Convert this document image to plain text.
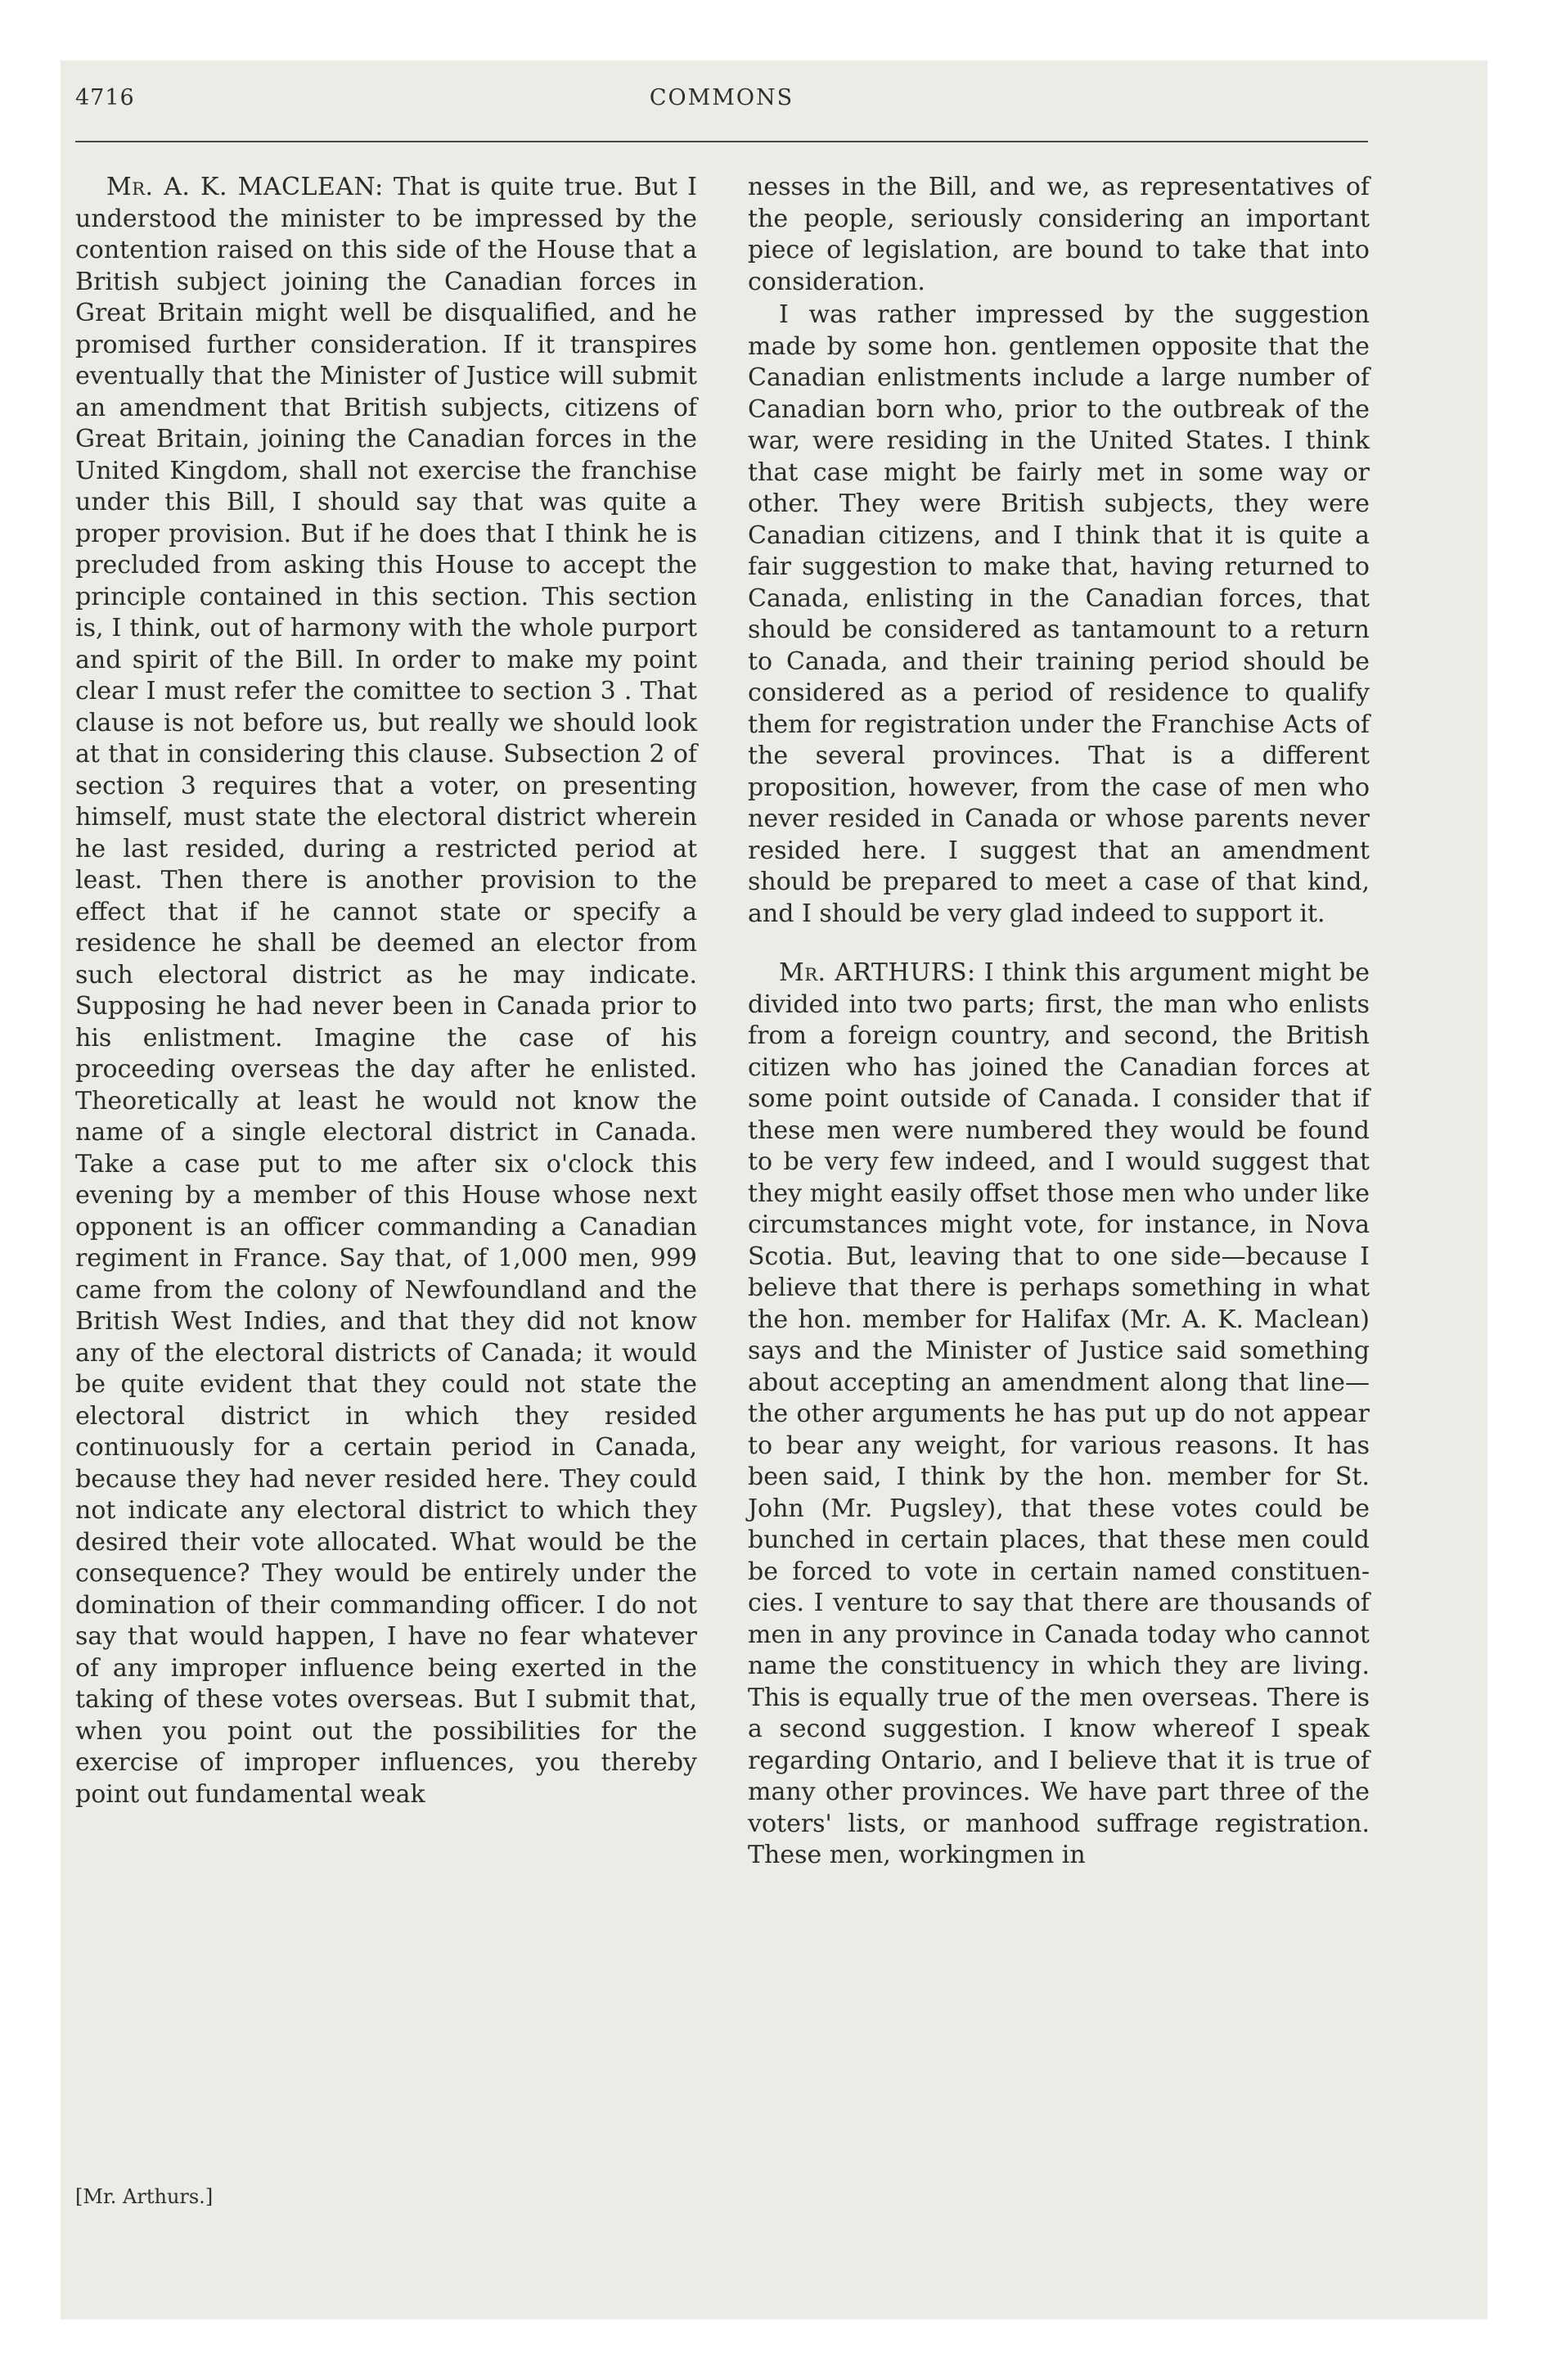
4716	COMMONS

Mr. A. K. MACLEAN: That is quite true. But I understood the minister to be impressed by the contention raised on this side of the House that a British subject joining the Canadian forces in Great Britain might well be disqualified, and he promised further consideration. If it transpires eventually that the Minister of Justice will submit an amendment that British subjects, citizens of Great Britain, joining the Canadian forces in the United Kingdom, shall not exercise the franchise under this Bill, I should say that was quite a proper provision. But if he does that I think he is precluded from asking this House to accept the principle contained in this section. This section is, I think, out of harmony with the whole purport and spirit of the Bill. In order to make my point clear I must refer the comittee to section 3 . That clause is not before us, but really we should look at that in considering this clause. Subsection 2 of section 3 requires that a voter, on presenting himself, must state the electoral district wherein he last resided, during a restricted period at least. Then there is another provision to the effect that if he cannot state or specify a residence he shall be deemed an elector from such electoral district as he may indicate. Supposing he had never been in Canada prior to his enlistment. Imagine the case of his proceeding overseas the day after he enlisted. Theoretically at least he would not know the name of a single electoral district in Canada. Take a case put to me after six o'clock this evening by a member of this House whose next opponent is an officer commanding a Canadian regiment in France. Say that, of 1,000 men, 999 came from the colony of Newfoundland and the British West Indies, and that they did not know any of the electoral districts of Canada; it would be quite evident that they could not state the electoral district in which they resided continuously for a certain period in Canada, because they had never resided here. They could not indicate any electoral district to which they desired their vote allocated. What would be the consequence? They would be entirely under the domination of their commanding officer. I do not say that would happen, I have no fear whatever of any improper influence being exerted in the taking of these votes overseas. But I submit that, when you point out the possibilities for the exercise of improper influences, you thereby point out fundamental weak

nesses in the Bill, and we, as representatives of the people, seriously considering an important piece of legislation, are bound to take that into consideration.

I was rather impressed by the suggestion made by some hon. gentlemen opposite that the Canadian enlistments include a large number of Canadian born who, prior to the outbreak of the war, were residing in the United States. I think that case might be fairly met in some way or other. They were British subjects, they were Canadian citizens, and I think that it is quite a fair suggestion to make that, having returned to Canada, enlisting in the Canadian forces, that should be considered as tantamount to a return to Canada, and their training period should be considered as a period of residence to qualify them for registration under the Franchise Acts of the several provinces. That is a different proposition, however, from the case of men who never resided in Canada or whose parents never resided here. I suggest that an amendment should be prepared to meet a case of that kind, and I should be very glad indeed to support it.

Mr. ARTHURS: I think this argument might be divided into two parts; first, the man who enlists from a foreign country, and second, the British citizen who has joined the Canadian forces at some point outside of Canada. I consider that if these men were numbered they would be found to be very few indeed, and I would suggest that they might easily offset those men who under like circumstances might vote, for instance, in Nova Scotia. But, leaving that to one side—because I believe that there is perhaps something in what the hon. member for Halifax (Mr. A. K. Maclean) says and the Minister of Justice said something about accepting an amendment along that line—the other arguments he has put up do not appear to bear any weight, for various reasons. It has been said, I think by the hon. member for St. John (Mr. Pugsley), that these votes could be bunched in certain places, that these men could be forced to vote in certain named constituencies. I venture to say that there are thousands of men in any province in Canada today who cannot name the constituency in which they are living. This is equally true of the men overseas. There is a second suggestion. I know whereof I speak regarding Ontario, and I believe that it is true of many other provinces. We have part three of the voters' lists, or manhood suffrage registration. These men, workingmen in

[Mr. Arthurs.]
